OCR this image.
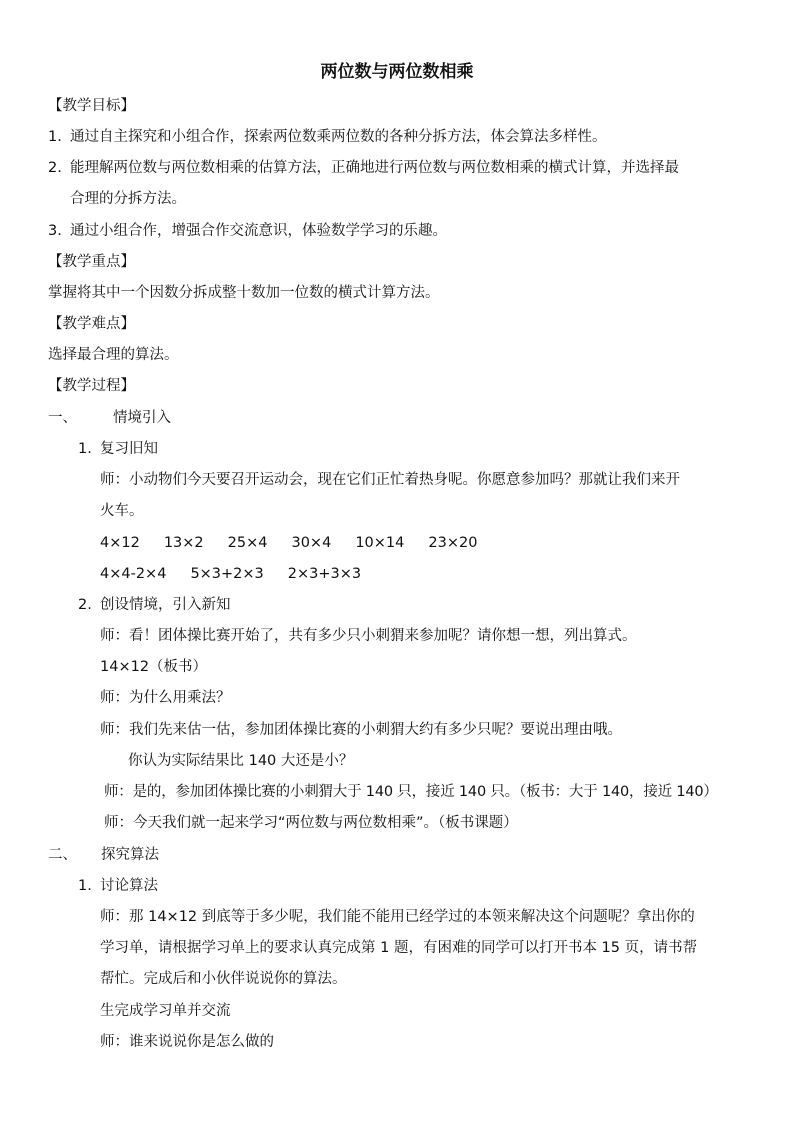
两位数与两位数相乘
【教学目标】
1. 通过自主探究和小组合作，探索两位数乘两位数的各种分拆方法，体会算法多样性。
2. 能理解两位数与两位数相乘的估算方法，正确地进行两位数与两位数相乘的横式计算，并选择最
合理的分拆方法。
3. 通过小组合作，增强合作交流意识，体验数学学习的乐趣。
【教学重点】
掌握将其中一个因数分拆成整十数加一位数的横式计算方法。
【教学难点】
选择最合理的算法。
【教学过程】
一、 情境引入
1. 复习旧知
师：小动物们今天要召开运动会，现在它们正忙着热身呢。你愿意参加吗？那就让我们来开
火车。
4×12 13×2 25×4 30×4 10×14 23×20
4×4-2×4 5×3+2×3 2×3+3×3
2. 创设情境，引入新知
师：看！团体操比赛开始了，共有多少只小刺猬来参加呢？请你想一想，列出算式。
14×12（板书）
师：为什么用乘法？
师：我们先来估一估，参加团体操比赛的小刺猬大约有多少只呢？要说出理由哦。
你认为实际结果比 140 大还是小？
师：是的，参加团体操比赛的小刺猬大于 140 只，接近 140 只。（板书：大于 140，接近 140）
师：今天我们就一起来学习“两位数与两位数相乘”。（板书课题）
二、 探究算法
1. 讨论算法
师：那 14×12 到底等于多少呢，我们能不能用已经学过的本领来解决这个问题呢？拿出你的
学习单，请根据学习单上的要求认真完成第 1 题，有困难的同学可以打开书本 15 页，请书帮
帮忙。完成后和小伙伴说说你的算法。
生完成学习单并交流
师：谁来说说你是怎么做的
